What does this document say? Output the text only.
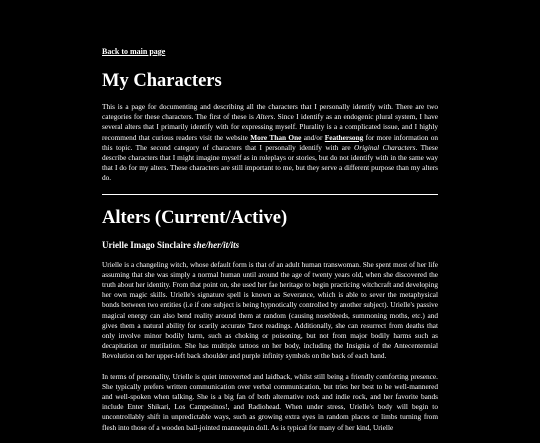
Back to main page
My Characters

This is a page for documenting and describing all the characters that I personally identify with. There are two categories for these characters. The first of these is Alters. Since I identify as an endogenic plural system, I have several alters that I primarily identify with for expressing myself. Plurality is a a complicated issue, and I highly recommend that curious readers visit the website More Than One and/or Feathersong for more information on this topic. The second category of characters that I personally identify with are Original Characters. These describe characters that I might imagine myself as in roleplays or stories, but do not identify with in the same way that I do for my alters. These characters are still important to me, but they serve a different purpose than my alters do.

Alters (Current/Active)
Urielle Imago Sinclaire she/her/it/its

Urielle is a changeling witch, whose default form is that of an adult human transwoman. She spent most of her life assuming that she was simply a normal human until around the age of twenty years old, when she discovered the truth about her identity. From that point on, she used her fae heritage to begin practicing witchcraft and developing her own magic skills. Urielle's signature spell is known as Severance, which is able to sever the metaphysical bonds between two entities (i.e if one subject is being hypnotically controlled by another subject). Urielle's passive magical energy can also bend reality around them at random (causing nosebleeds, summoning moths, etc.) and gives them a natural ability for scarily accurate Tarot readings. Additionally, she can resurrect from deaths that only involve minor bodily harm, such as choking or poisoning, but not from major bodily harms such as decapitation or mutilation. She has multiple tattoos on her body, including the Insignia of the Antecentennial Revolution on her upper-left back shoulder and purple infinity symbols on the back of each hand.

In terms of personality, Urielle is quiet introverted and laidback, whilst still being a friendly comforting presence. She typically prefers written communication over verbal communication, but tries her best to be well-mannered and well-spoken when talking. She is a big fan of both alternative rock and indie rock, and her favorite bands include Enter Shikari, Los Campesinos!, and Radiohead. When under stress, Urielle's body will begin to uncontrollably shift in unpredictable ways, such as growing extra eyes in random places or limbs turning from flesh into those of a wooden ball-jointed mannequin doll. As is typical for many of her kind, Urielle
